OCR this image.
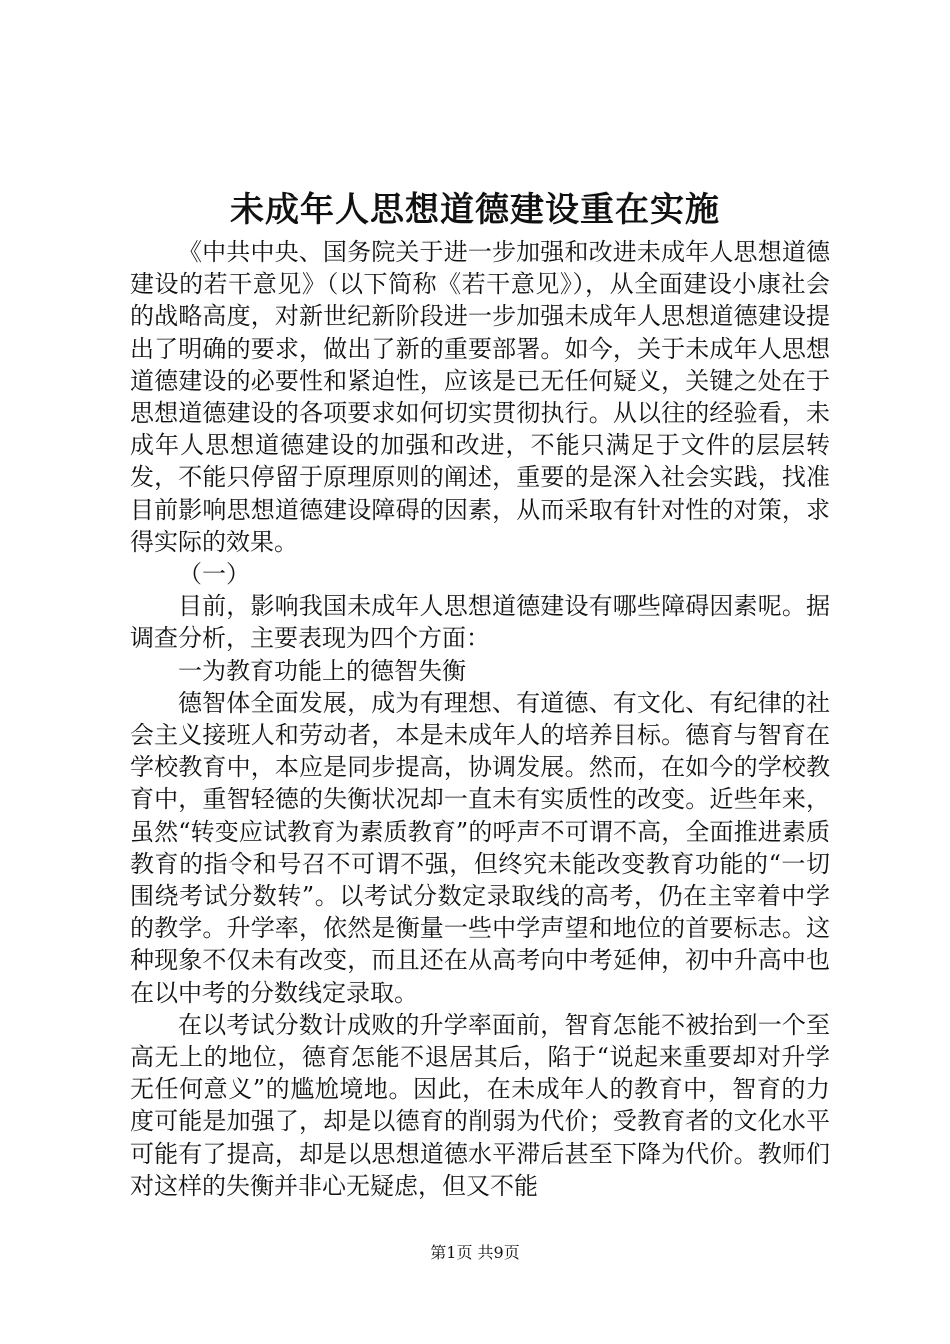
未成年人思想道德建设重在实施

《中共中央、国务院关于进一步加强和改进未成年人思想道德建设的若干意见》（以下简称《若干意见》），从全面建设小康社会的战略高度，对新世纪新阶段进一步加强未成年人思想道德建设提出了明确的要求，做出了新的重要部署。如今，关于未成年人思想道德建设的必要性和紧迫性，应该是已无任何疑义，关键之处在于思想道德建设的各项要求如何切实贯彻执行。从以往的经验看，未成年人思想道德建设的加强和改进，不能只满足于文件的层层转发，不能只停留于原理原则的阐述，重要的是深入社会实践，找准目前影响思想道德建设障碍的因素，从而采取有针对性的对策，求得实际的效果。

（一）

目前，影响我国未成年人思想道德建设有哪些障碍因素呢。据调查分析，主要表现为四个方面：

一为教育功能上的德智失衡

德智体全面发展，成为有理想、有道德、有文化、有纪律的社会主义接班人和劳动者，本是未成年人的培养目标。德育与智育在学校教育中，本应是同步提高，协调发展。然而，在如今的学校教育中，重智轻德的失衡状况却一直未有实质性的改变。近些年来，虽然“转变应试教育为素质教育”的呼声不可谓不高，全面推进素质教育的指令和号召不可谓不强，但终究未能改变教育功能的“一切围绕考试分数转”。以考试分数定录取线的高考，仍在主宰着中学的教学。升学率，依然是衡量一些中学声望和地位的首要标志。这种现象不仅未有改变，而且还在从高考向中考延伸，初中升高中也在以中考的分数线定录取。

在以考试分数计成败的升学率面前，智育怎能不被抬到一个至高无上的地位，德育怎能不退居其后，陷于“说起来重要却对升学无任何意义”的尴尬境地。因此，在未成年人的教育中，智育的力度可能是加强了，却是以德育的削弱为代价；受教育者的文化水平可能有了提高，却是以思想道德水平滞后甚至下降为代价。教师们对这样的失衡并非心无疑虑，但又不能

第1页 共9页
